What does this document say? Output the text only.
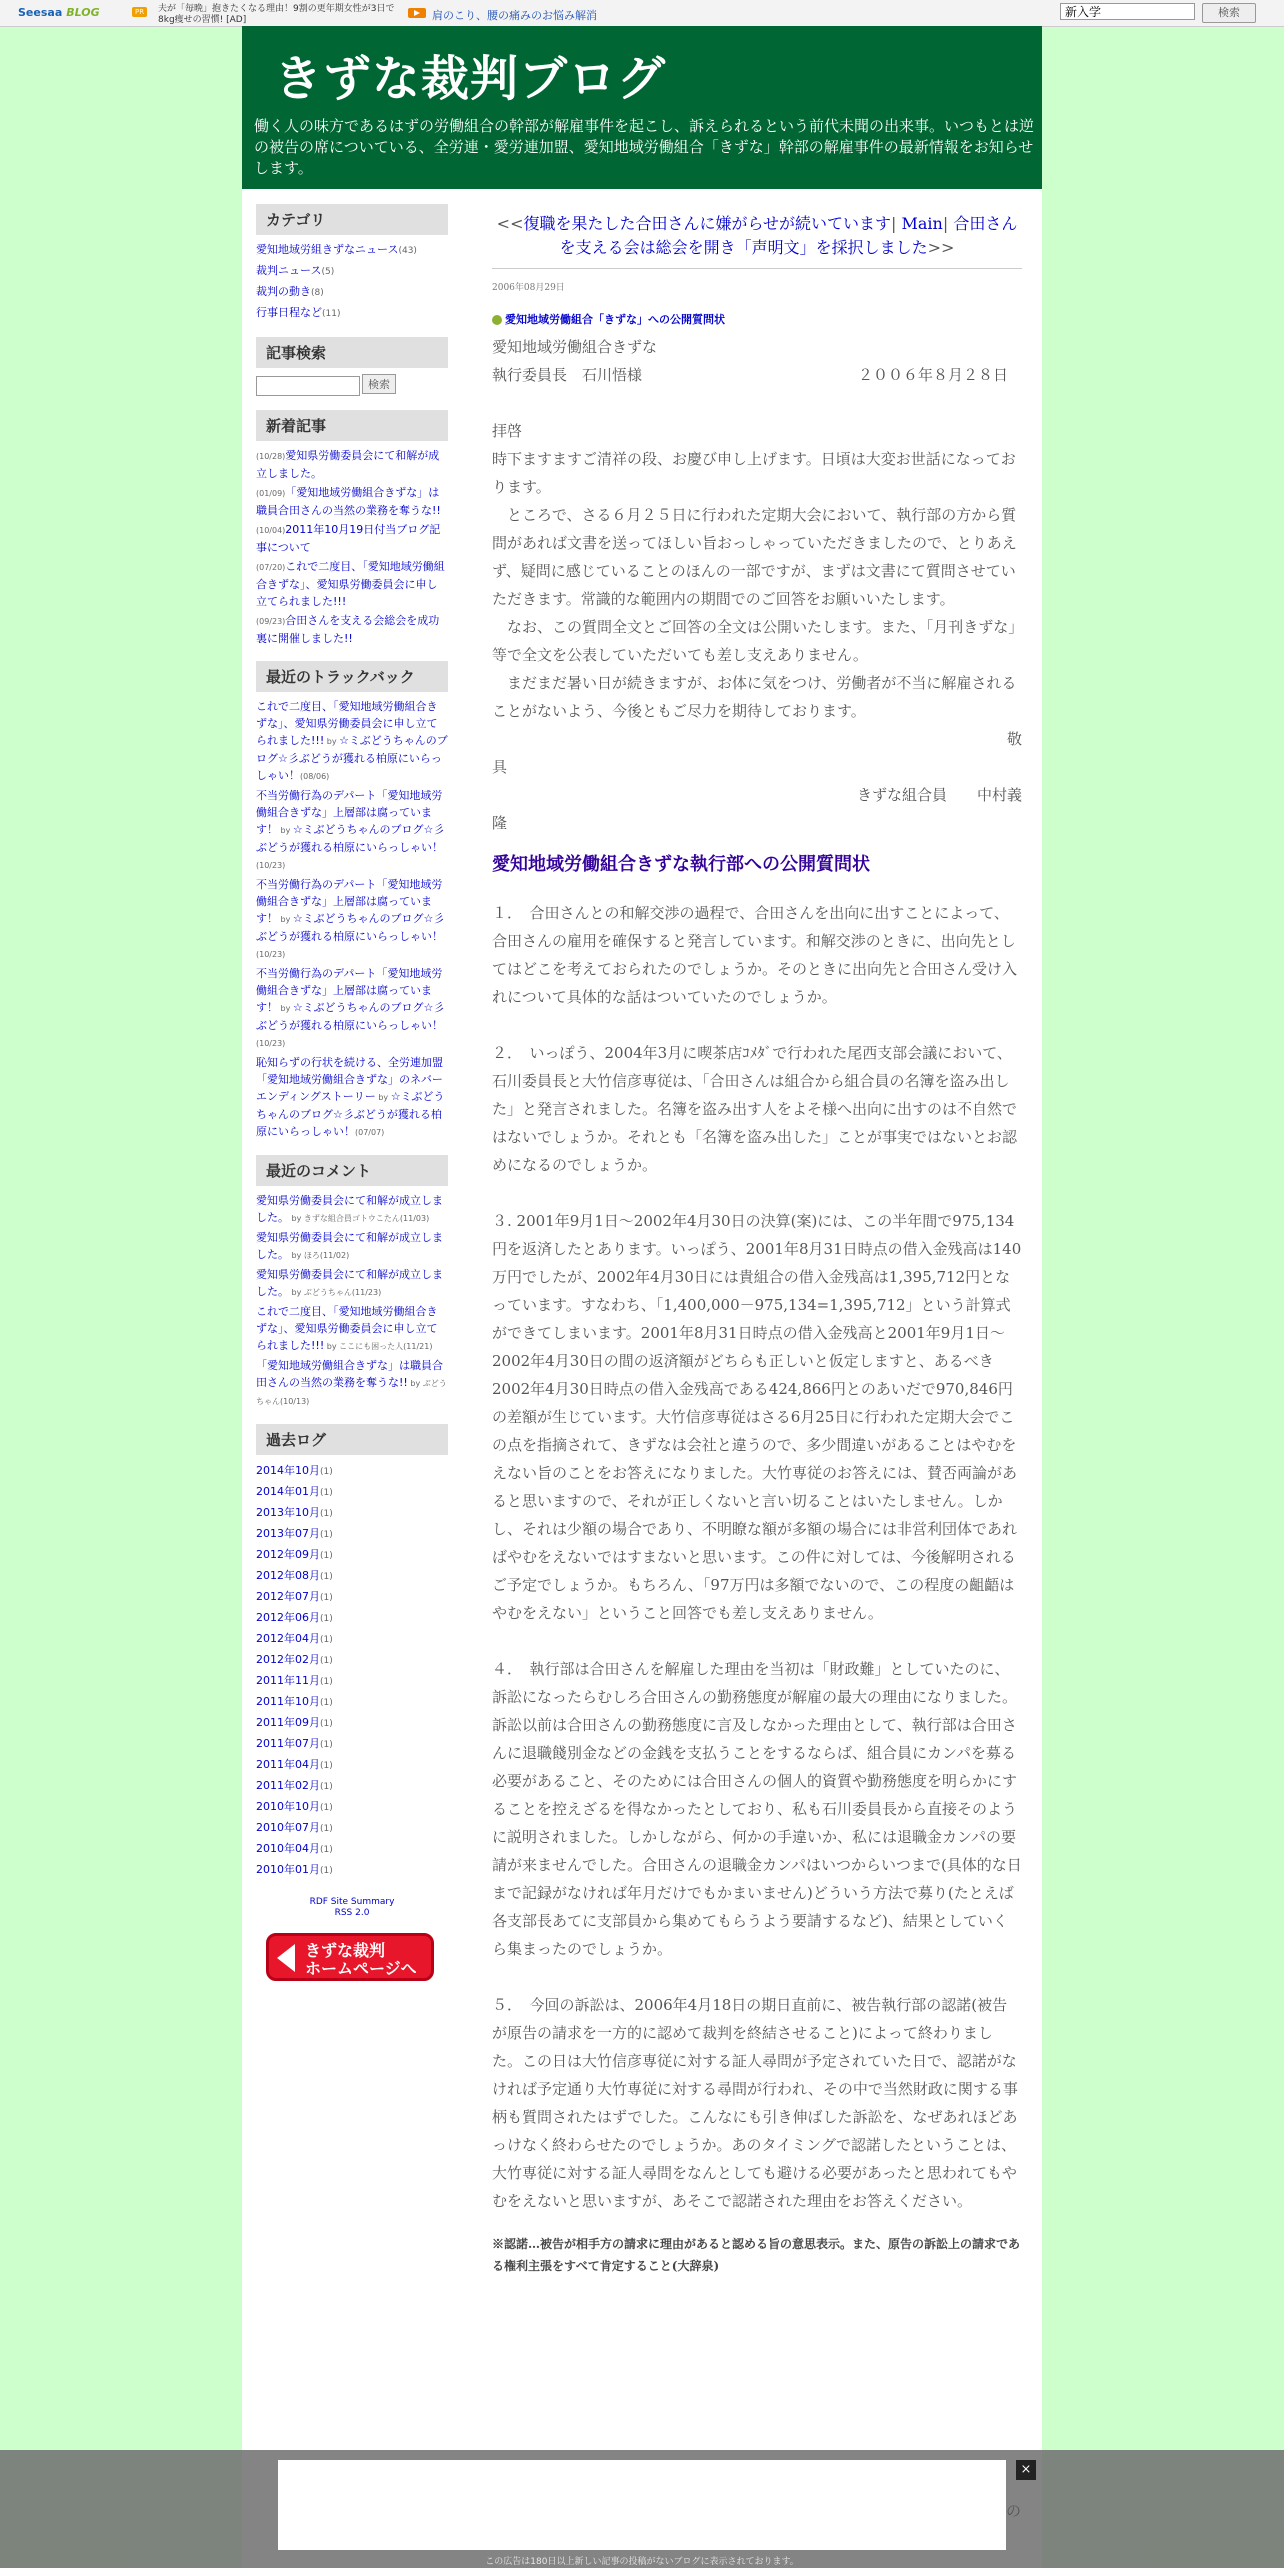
Seesaa BLOG	PR	夫が「毎晩」抱きたくなる理由！9割の更年期女性が3日で8kg痩せの習慣! [AD]	肩のこり、腰の痛みのお悩み解消
新入学	検索
きずな裁判ブログ
働く人の味方であるはずの労働組合の幹部が解雇事件を起こし、訴えられるという前代未聞の出来事。いつもとは逆の被告の席についている、全労連・愛労連加盟、愛知地域労働組合「きずな」幹部の解雇事件の最新情報をお知らせします。
カテゴリ
愛知地域労組きずなニュース(43)
裁判ニュース(5)
裁判の動き(8)
行事日程など(11)
記事検索
検索
新着記事
(10/28)愛知県労働委員会にて和解が成立しました。
(01/09)「愛知地域労働組合きずな」は職員合田さんの当然の業務を奪うな!!
(10/04)2011年10月19日付当ブログ記事について
(07/20)これで二度目、「愛知地域労働組合きずな」、愛知県労働委員会に申し立てられました!!!
(09/23)合田さんを支える会総会を成功裏に開催しました!!
最近のトラックバック
これで二度目、「愛知地域労働組合きずな」、愛知県労働委員会に申し立てられました!!! by ☆ミぶどうちゃんのブログ☆彡ぶどうが獲れる柏原にいらっしゃい！(08/06)
不当労働行為のデパート「愛知地域労働組合きずな」上層部は腐っています！ by ☆ミぶどうちゃんのブログ☆彡ぶどうが獲れる柏原にいらっしゃい！(10/23)
不当労働行為のデパート「愛知地域労働組合きずな」上層部は腐っています！ by ☆ミぶどうちゃんのブログ☆彡ぶどうが獲れる柏原にいらっしゃい！(10/23)
不当労働行為のデパート「愛知地域労働組合きずな」上層部は腐っています！ by ☆ミぶどうちゃんのブログ☆彡ぶどうが獲れる柏原にいらっしゃい！(10/23)
恥知らずの行状を続ける、全労連加盟「愛知地域労働組合きずな」のネバーエンディングストーリー by ☆ミぶどうちゃんのブログ☆彡ぶどうが獲れる柏原にいらっしゃい！(07/07)
最近のコメント
愛知県労働委員会にて和解が成立しました。 by きずな組合員ゴトウこたん(11/03)
愛知県労働委員会にて和解が成立しました。 by ほろ(11/02)
愛知県労働委員会にて和解が成立しました。 by ぶどうちゃん(11/23)
これで二度目、「愛知地域労働組合きずな」、愛知県労働委員会に申し立てられました!!! by ここにも困った人(11/21)
「愛知地域労働組合きずな」は職員合田さんの当然の業務を奪うな!! by ぶどうちゃん(10/13)
過去ログ
2014年10月(1)
2014年01月(1)
2013年10月(1)
2013年07月(1)
2012年09月(1)
2012年08月(1)
2012年07月(1)
2012年06月(1)
2012年04月(1)
2012年02月(1)
2011年11月(1)
2011年10月(1)
2011年09月(1)
2011年07月(1)
2011年04月(1)
2011年02月(1)
2010年10月(1)
2010年07月(1)
2010年04月(1)
2010年01月(1)
RDF Site Summary
RSS 2.0
きずな裁判
ホームページへ
<<復職を果たした合田さんに嫌がらせが続いています| Main| 合田さんを支える会は総会を開き「声明文」を採択しました>>
2006年08月29日
愛知地域労働組合「きずな」への公開質問状

愛知地域労働組合きずな

執行委員長　石川悟様	２００６年８月２８日

拝啓

時下ますますご清祥の段、お慶び申し上げます。日頃は大変お世話になっております。

　ところで、さる６月２５日に行われた定期大会において、執行部の方から質問があれば文書を送ってほしい旨おっしゃっていただきましたので、とりあえず、疑問に感じていることのほんの一部ですが、まずは文書にて質問させていただきます。常識的な範囲内の期間でのご回答をお願いいたします。

　なお、この質問全文とご回答の全文は公開いたします。また、「月刊きずな」等で全文を公表していただいても差し支えありません。

　まだまだ暑い日が続きますが、お体に気をつけ、労働者が不当に解雇されることがないよう、今後ともご尽力を期待しております。

敬

具

きずな組合員　　中村義

隆

愛知地域労働組合きずな執行部への公開質問状

１．　合田さんとの和解交渉の過程で、合田さんを出向に出すことによって、合田さんの雇用を確保すると発言しています。和解交渉のときに、出向先としてはどこを考えておられたのでしょうか。そのときに出向先と合田さん受け入れについて具体的な話はついていたのでしょうか。

２．　いっぽう、2004年3月に喫茶店ｺﾒﾀﾞで行われた尾西支部会議において、石川委員長と大竹信彦専従は、「合田さんは組合から組合員の名簿を盗み出した」と発言されました。名簿を盗み出す人をよそ様へ出向に出すのは不自然ではないでしょうか。それとも「名簿を盗み出した」ことが事実ではないとお認めになるのでしょうか。

３. 2001年9月1日～2002年4月30日の決算(案)には、この半年間で975,134円を返済したとあります。いっぽう、2001年8月31日時点の借入金残高は140万円でしたが、2002年4月30日には貴組合の借入金残高は1,395,712円となっています。すなわち、「1,400,000－975,134=1,395,712」という計算式ができてしまいます。2001年8月31日時点の借入金残高と2001年9月1日～2002年4月30日の間の返済額がどちらも正しいと仮定しますと、あるべき2002年4月30日時点の借入金残高である424,866円とのあいだで970,846円の差額が生じています。大竹信彦専従はさる6月25日に行われた定期大会でこの点を指摘されて、きずなは会社と違うので、多少間違いがあることはやむをえない旨のことをお答えになりました。大竹専従のお答えには、賛否両論があると思いますので、それが正しくないと言い切ることはいたしません。しかし、それは少額の場合であり、不明瞭な額が多額の場合には非営利団体であればやむをえないではすまないと思います。この件に対しては、今後解明されるご予定でしょうか。もちろん、「97万円は多額でないので、この程度の齟齬はやむをえない」ということ回答でも差し支えありません。

４．　執行部は合田さんを解雇した理由を当初は「財政難」としていたのに、訴訟になったらむしろ合田さんの勤務態度が解雇の最大の理由になりました。訴訟以前は合田さんの勤務態度に言及しなかった理由として、執行部は合田さんに退職餞別金などの金銭を支払うことをするならば、組合員にカンパを募る必要があること、そのためには合田さんの個人的資質や勤務態度を明らかにすることを控えざるを得なかったとしており、私も石川委員長から直接そのように説明されました。しかしながら、何かの手違いか、私には退職金カンパの要請が来ませんでした。合田さんの退職金カンパはいつからいつまで(具体的な日まで記録がなければ年月だけでもかまいません)どういう方法で募り(たとえば各支部長あてに支部員から集めてもらうよう要請するなど)、結果としていくら集まったのでしょうか。

５．　今回の訴訟は、2006年4月18日の期日直前に、被告執行部の認諾(被告が原告の請求を一方的に認めて裁判を終結させること)によって終わりました。この日は大竹信彦専従に対する証人尋問が予定されていた日で、認諾がなければ予定通り大竹専従に対する尋問が行われ、その中で当然財政に関する事柄も質問されたはずでした。こんなにも引き伸ばした訴訟を、なぜあれほどあっけなく終わらせたのでしょうか。あのタイミングで認諾したということは、大竹専従に対する証人尋問をなんとしても避ける必要があったと思われてもやむをえないと思いますが、あそこで認諾された理由をお答えください。

※認諾…被告が相手方の請求に理由があると認める旨の意思表示。また、原告の訴訟上の請求である権利主張をすべて肯定すること(大辞泉)

×
の
この広告は180日以上新しい記事の投稿がないブログに表示されております。
